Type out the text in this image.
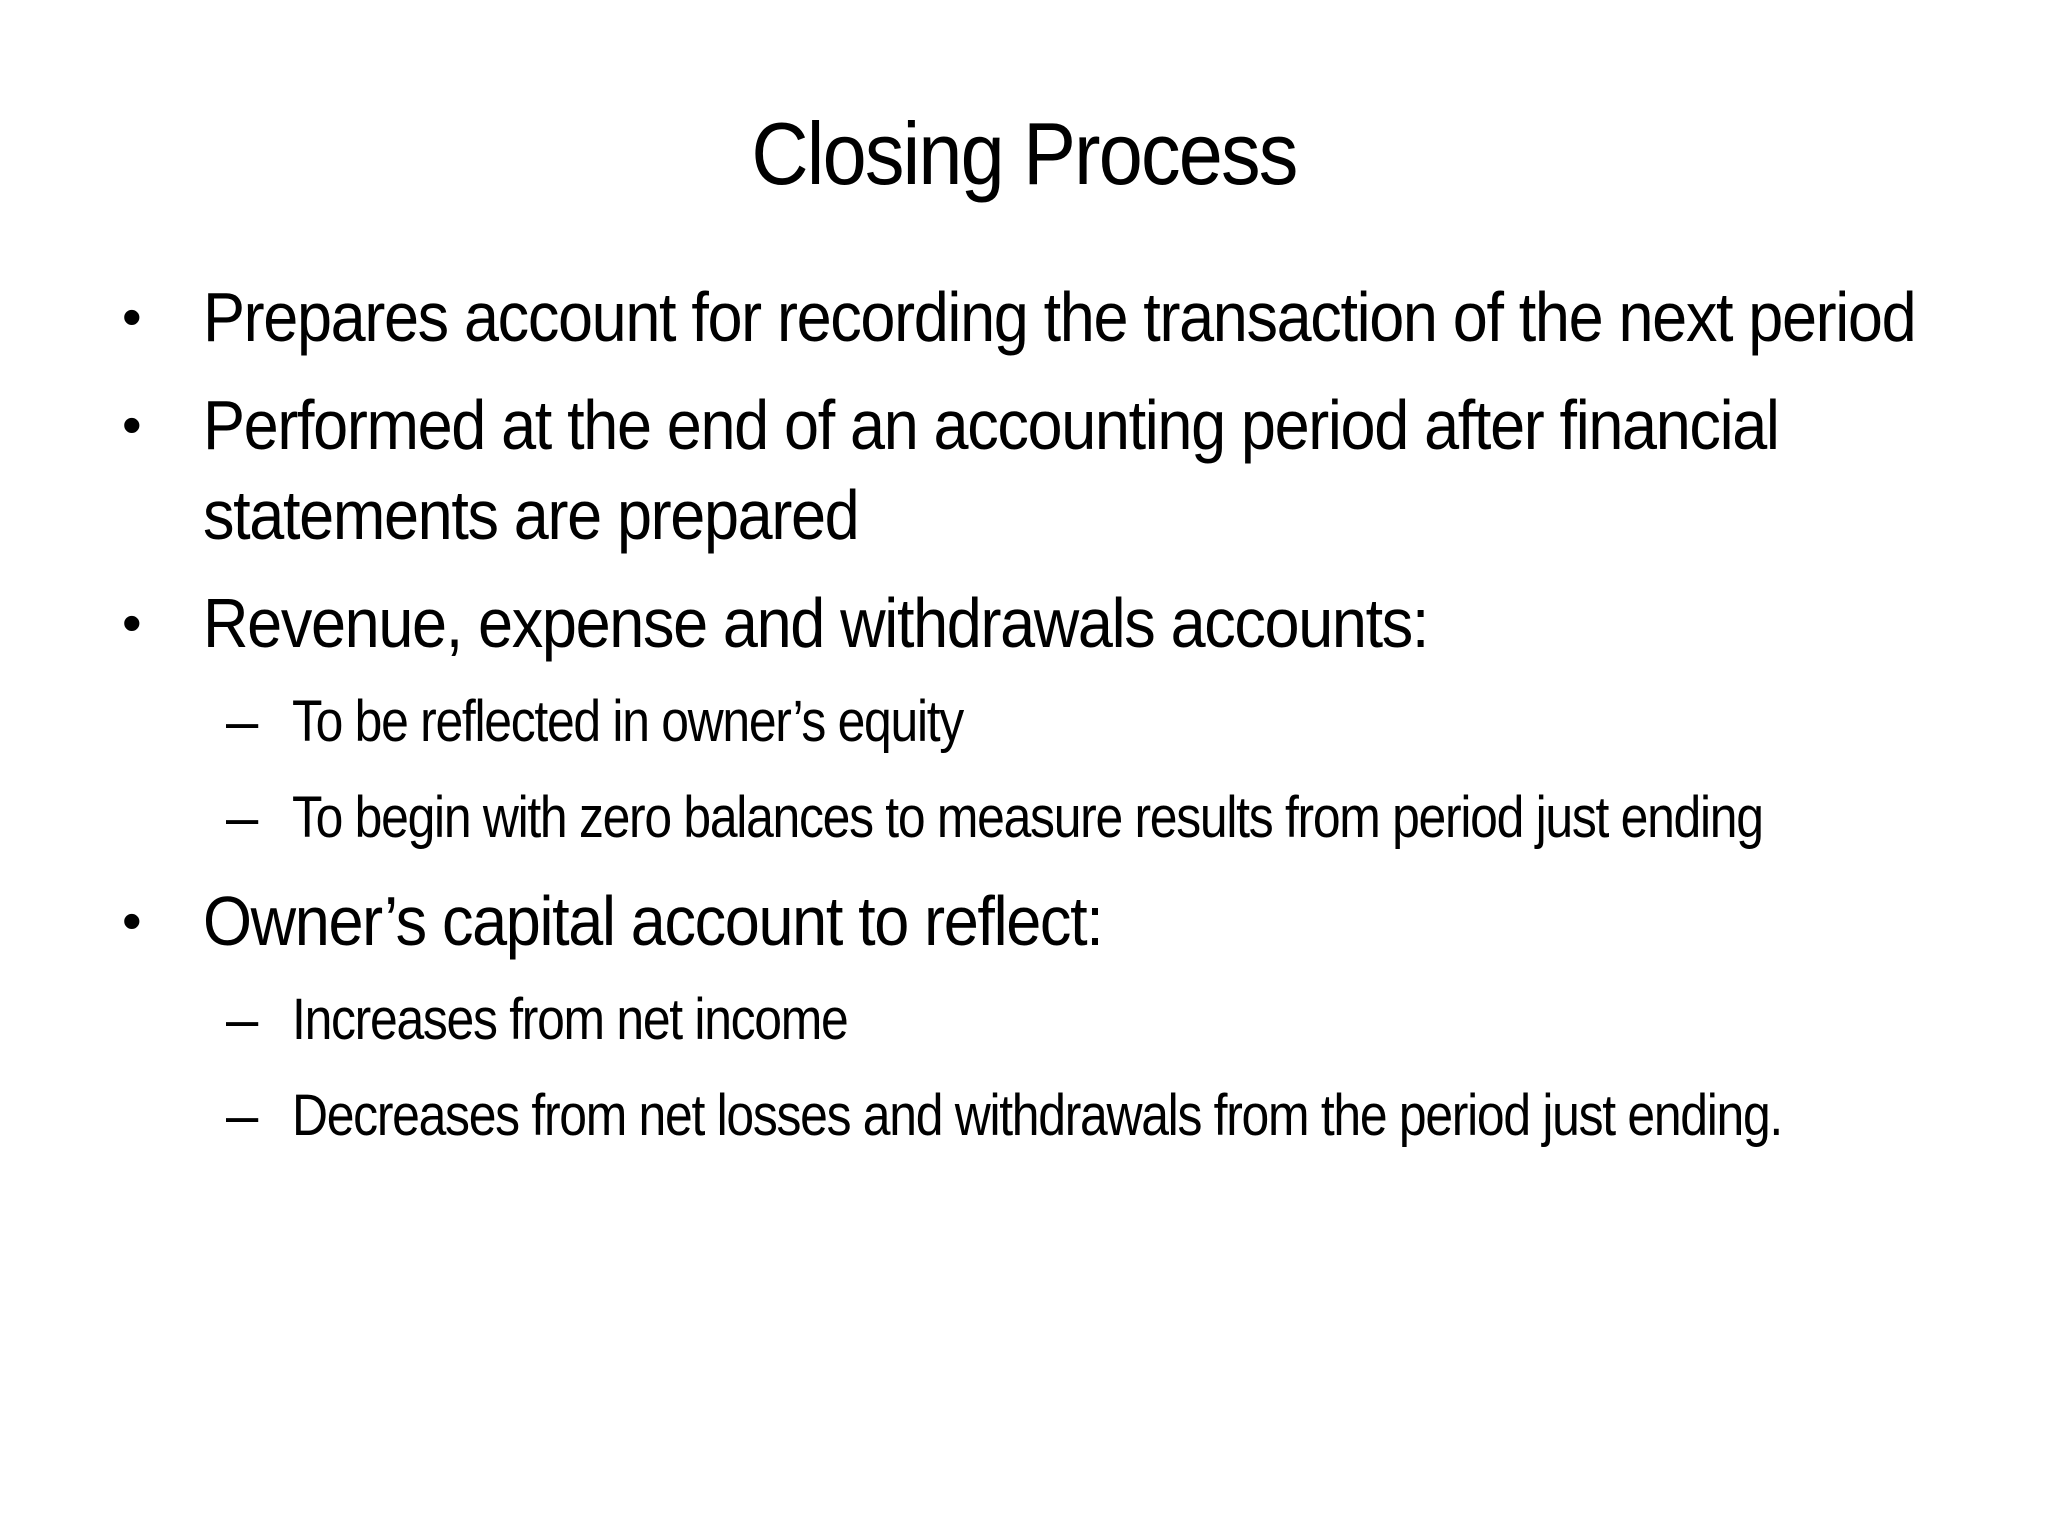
Closing Process
• Prepares account for recording the transaction of the next period
• Performed at the end of an accounting period after financial statements are prepared
• Revenue, expense and withdrawals accounts:
– To be reflected in owner’s equity
– To begin with zero balances to measure results from period just ending
• Owner’s capital account to reflect:
– Increases from net income
– Decreases from net losses and withdrawals from the period just ending.
